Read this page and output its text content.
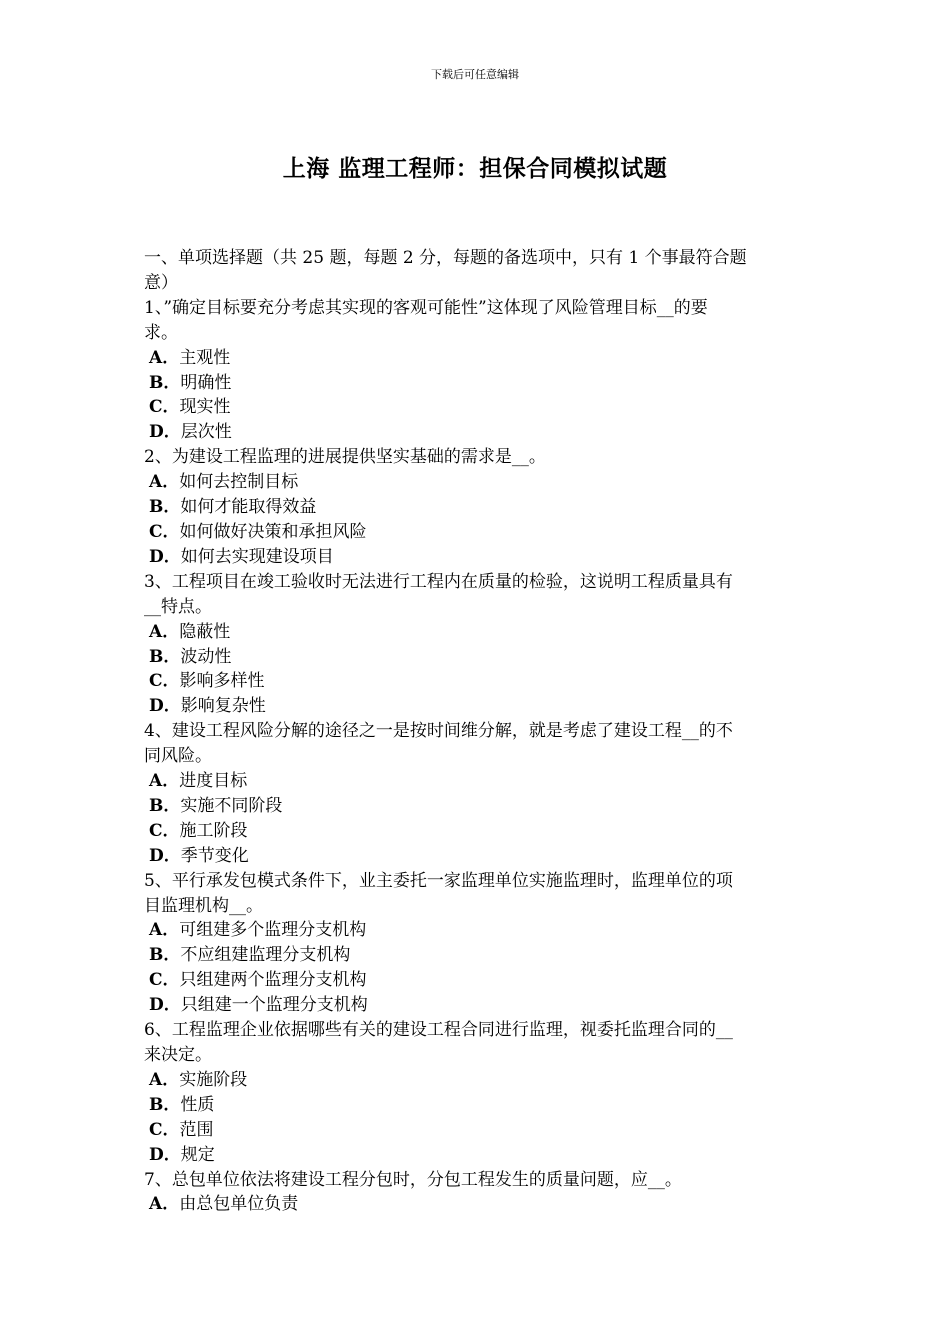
下载后可任意编辑
上海 监理工程师：担保合同模拟试题
一、单项选择题（共 25 题，每题 2 分，每题的备选项中，只有 1 个事最符合题
意）
1、”确定目标要充分考虑其实现的客观可能性”这体现了风险管理目标__的要
求。
A．主观性
B．明确性
C．现实性
D．层次性
2、为建设工程监理的进展提供坚实基础的需求是__。
A．如何去控制目标
B．如何才能取得效益
C．如何做好决策和承担风险
D．如何去实现建设项目
3、工程项目在竣工验收时无法进行工程内在质量的检验，这说明工程质量具有
__特点。
A．隐蔽性
B．波动性
C．影响多样性
D．影响复杂性
4、建设工程风险分解的途径之一是按时间维分解，就是考虑了建设工程__的不
同风险。
A．进度目标
B．实施不同阶段
C．施工阶段
D．季节变化
5、平行承发包模式条件下，业主委托一家监理单位实施监理时，监理单位的项
目监理机构__。
A．可组建多个监理分支机构
B．不应组建监理分支机构
C．只组建两个监理分支机构
D．只组建一个监理分支机构
6、工程监理企业依据哪些有关的建设工程合同进行监理，视委托监理合同的__
来决定。
A．实施阶段
B．性质
C．范围
D．规定
7、总包单位依法将建设工程分包时，分包工程发生的质量问题，应__。
A．由总包单位负责
